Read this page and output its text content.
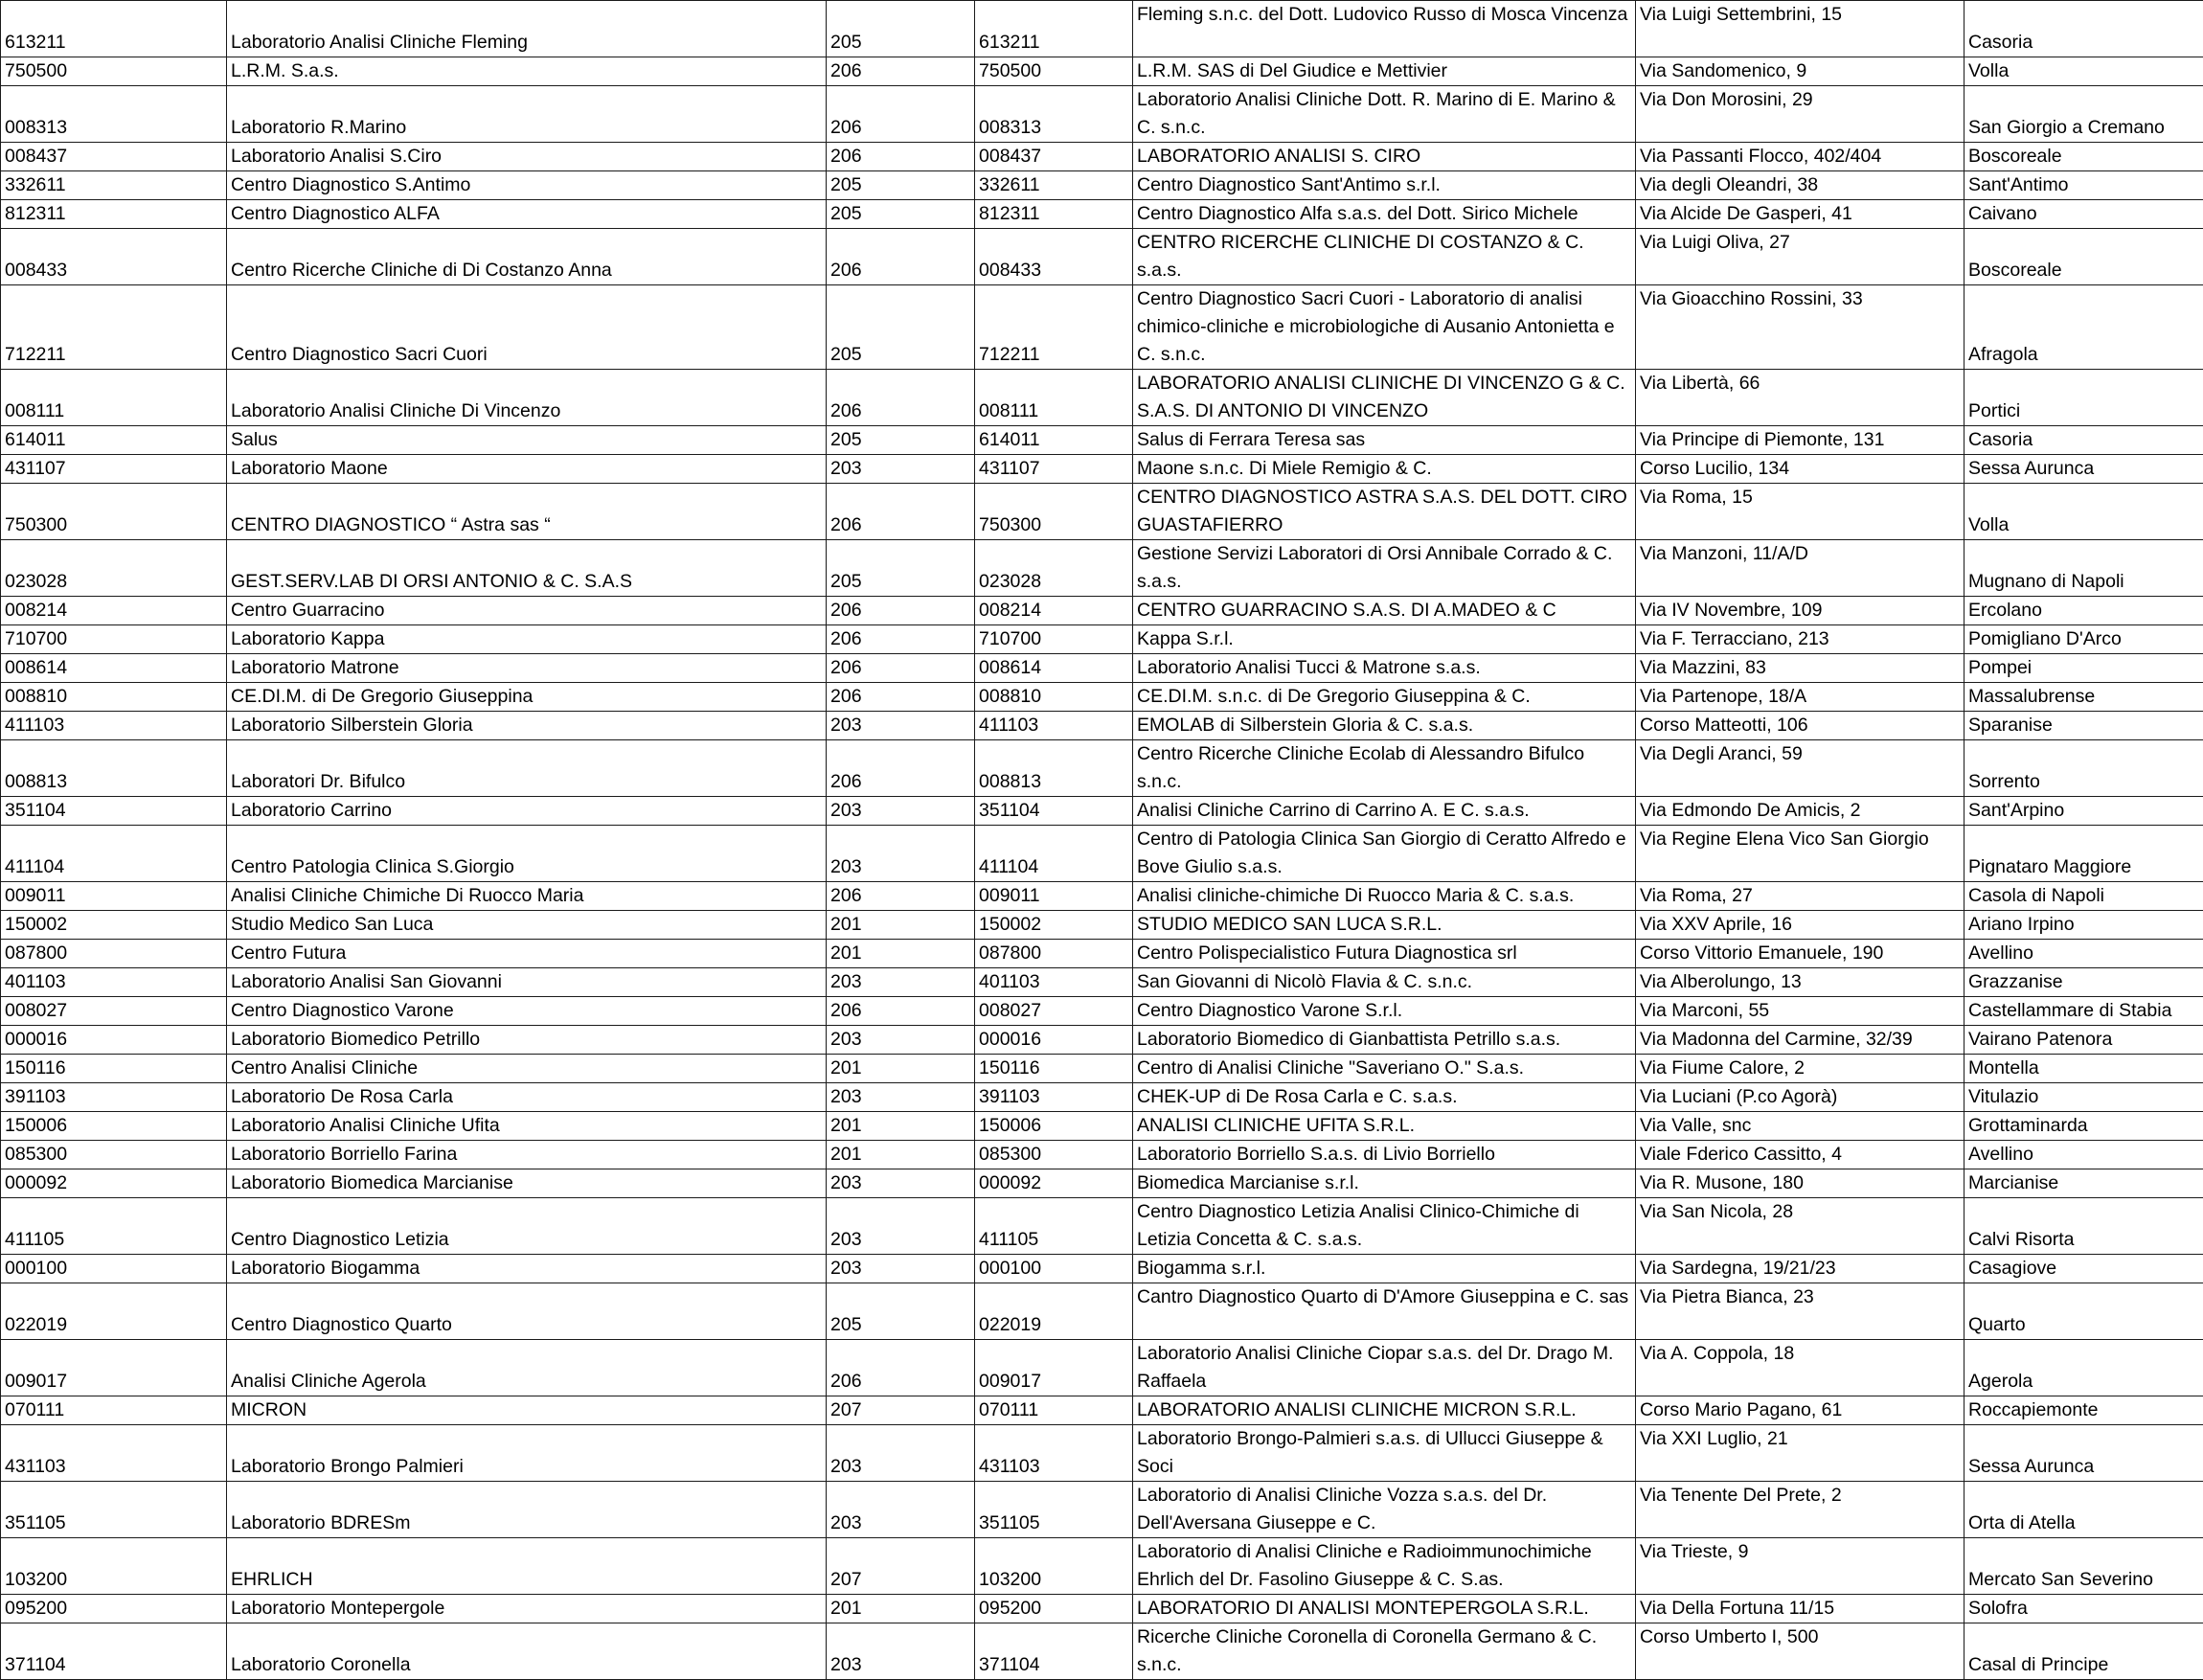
613211	Laboratorio Analisi Cliniche Fleming	205	613211	Fleming s.n.c. del Dott. Ludovico Russo di Mosca Vincenza	Via Luigi Settembrini, 15	Casoria
750500	L.R.M. S.a.s.	206	750500	L.R.M. SAS di Del Giudice e Mettivier	Via Sandomenico, 9	Volla
008313	Laboratorio R.Marino	206	008313	Laboratorio Analisi Cliniche Dott. R. Marino di E. Marino & C. s.n.c.	Via Don Morosini, 29	San Giorgio a Cremano
008437	Laboratorio Analisi S.Ciro	206	008437	LABORATORIO ANALISI S. CIRO	Via Passanti Flocco, 402/404	Boscoreale
332611	Centro Diagnostico S.Antimo	205	332611	Centro Diagnostico Sant'Antimo s.r.l.	Via degli Oleandri, 38	Sant'Antimo
812311	Centro Diagnostico ALFA	205	812311	Centro Diagnostico Alfa s.a.s. del Dott. Sirico Michele	Via Alcide De Gasperi, 41	Caivano
008433	Centro Ricerche Cliniche di Di Costanzo Anna	206	008433	CENTRO RICERCHE CLINICHE DI COSTANZO & C. s.a.s.	Via Luigi Oliva, 27	Boscoreale
712211	Centro Diagnostico Sacri Cuori	205	712211	Centro Diagnostico Sacri Cuori - Laboratorio di analisi chimico-cliniche e microbiologiche di Ausanio Antonietta e C. s.n.c.	Via Gioacchino Rossini, 33	Afragola
008111	Laboratorio Analisi Cliniche Di Vincenzo	206	008111	LABORATORIO ANALISI CLINICHE DI VINCENZO G & C. S.A.S. DI ANTONIO DI VINCENZO	Via Libertà, 66	Portici
614011	Salus	205	614011	Salus di Ferrara Teresa sas	Via Principe di Piemonte, 131	Casoria
431107	Laboratorio Maone	203	431107	Maone s.n.c. Di Miele Remigio & C.	Corso Lucilio, 134	Sessa Aurunca
750300	CENTRO DIAGNOSTICO “ Astra sas “	206	750300	CENTRO DIAGNOSTICO ASTRA S.A.S. DEL DOTT. CIRO GUASTAFIERRO	Via Roma, 15	Volla
023028	GEST.SERV.LAB DI ORSI ANTONIO & C. S.A.S	205	023028	Gestione Servizi Laboratori di Orsi Annibale Corrado & C. s.a.s.	Via Manzoni, 11/A/D	Mugnano di Napoli
008214	Centro Guarracino	206	008214	CENTRO GUARRACINO S.A.S. DI A.MADEO & C	Via IV Novembre, 109	Ercolano
710700	Laboratorio Kappa	206	710700	Kappa S.r.l.	Via F. Terracciano, 213	Pomigliano D'Arco
008614	Laboratorio Matrone	206	008614	Laboratorio Analisi Tucci & Matrone s.a.s.	Via Mazzini, 83	Pompei
008810	CE.DI.M. di De Gregorio Giuseppina	206	008810	CE.DI.M. s.n.c. di De Gregorio Giuseppina & C.	Via Partenope, 18/A	Massalubrense
411103	Laboratorio Silberstein Gloria	203	411103	EMOLAB di Silberstein Gloria & C. s.a.s.	Corso Matteotti, 106	Sparanise
008813	Laboratori Dr. Bifulco	206	008813	Centro Ricerche Cliniche Ecolab di Alessandro Bifulco s.n.c.	Via Degli Aranci, 59	Sorrento
351104	Laboratorio Carrino	203	351104	Analisi Cliniche Carrino di Carrino A. E C. s.a.s.	Via Edmondo De Amicis, 2	Sant'Arpino
411104	Centro Patologia Clinica S.Giorgio	203	411104	Centro di Patologia Clinica San Giorgio di Ceratto Alfredo e Bove Giulio s.a.s.	Via Regine Elena Vico San Giorgio	Pignataro Maggiore
009011	Analisi Cliniche Chimiche Di Ruocco Maria	206	009011	Analisi cliniche-chimiche Di Ruocco Maria & C. s.a.s.	Via Roma, 27	Casola di Napoli
150002	Studio Medico San Luca	201	150002	STUDIO MEDICO SAN LUCA S.R.L.	Via XXV Aprile, 16	Ariano Irpino
087800	Centro Futura	201	087800	Centro Polispecialistico Futura Diagnostica srl	Corso Vittorio Emanuele, 190	Avellino
401103	Laboratorio Analisi San Giovanni	203	401103	San Giovanni di Nicolò Flavia & C. s.n.c.	Via Alberolungo, 13	Grazzanise
008027	Centro Diagnostico Varone	206	008027	Centro Diagnostico Varone S.r.l.	Via Marconi, 55	Castellammare di Stabia
000016	Laboratorio Biomedico Petrillo	203	000016	Laboratorio Biomedico di Gianbattista Petrillo s.a.s.	Via Madonna del Carmine, 32/39	Vairano Patenora
150116	Centro Analisi Cliniche	201	150116	Centro di Analisi Cliniche "Saveriano O." S.a.s.	Via Fiume Calore, 2	Montella
391103	Laboratorio De Rosa Carla	203	391103	CHEK-UP di De Rosa Carla e C. s.a.s.	Via Luciani (P.co Agorà)	Vitulazio
150006	Laboratorio Analisi Cliniche Ufita	201	150006	ANALISI CLINICHE UFITA S.R.L.	Via Valle, snc	Grottaminarda
085300	Laboratorio Borriello Farina	201	085300	Laboratorio Borriello S.a.s. di Livio Borriello	Viale Fderico Cassitto, 4	Avellino
000092	Laboratorio Biomedica Marcianise	203	000092	Biomedica Marcianise s.r.l.	Via R. Musone, 180	Marcianise
411105	Centro Diagnostico Letizia	203	411105	Centro Diagnostico Letizia Analisi Clinico-Chimiche di Letizia Concetta & C. s.a.s.	Via San Nicola, 28	Calvi Risorta
000100	Laboratorio Biogamma	203	000100	Biogamma s.r.l.	Via Sardegna, 19/21/23	Casagiove
022019	Centro Diagnostico Quarto	205	022019	Cantro Diagnostico Quarto di D'Amore Giuseppina e C. sas	Via Pietra Bianca, 23	Quarto
009017	Analisi Cliniche Agerola	206	009017	Laboratorio Analisi Cliniche Ciopar s.a.s. del Dr. Drago M. Raffaela	Via A. Coppola, 18	Agerola
070111	MICRON	207	070111	LABORATORIO ANALISI CLINICHE MICRON S.R.L.	Corso Mario Pagano, 61	Roccapiemonte
431103	Laboratorio Brongo Palmieri	203	431103	Laboratorio Brongo-Palmieri s.a.s. di Ullucci Giuseppe & Soci	Via XXI Luglio, 21	Sessa Aurunca
351105	Laboratorio BDRESm	203	351105	Laboratorio di Analisi Cliniche Vozza s.a.s. del Dr. Dell'Aversana Giuseppe e C.	Via Tenente Del Prete, 2	Orta di Atella
103200	EHRLICH	207	103200	Laboratorio di Analisi Cliniche e Radioimmunochimiche Ehrlich del Dr. Fasolino Giuseppe & C. S.as.	Via Trieste, 9	Mercato San Severino
095200	Laboratorio Montepergole	201	095200	LABORATORIO DI ANALISI MONTEPERGOLA S.R.L.	Via Della Fortuna 11/15	Solofra
371104	Laboratorio Coronella	203	371104	Ricerche Cliniche Coronella di Coronella Germano & C. s.n.c.	Corso Umberto I, 500	Casal di Principe
